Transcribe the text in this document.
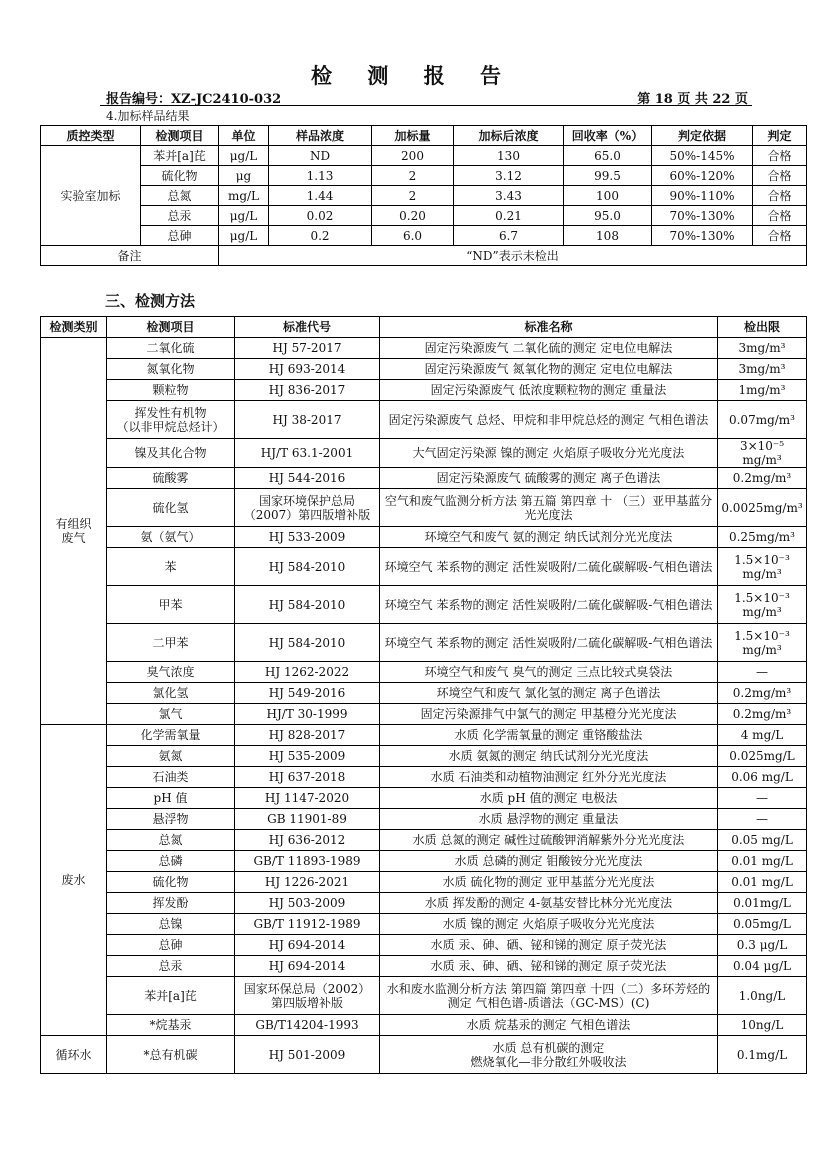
检 测 报 告
报告编号：XZ-JC2410-032	第 18 页 共 22 页
4.加标样品结果
质控类型	检测项目	单位	样品浓度	加标量	加标后浓度	回收率（%）	判定依据	判定
实验室加标	苯并[a]芘	μg/L	ND	200	130	65.0	50%-145%	合格
	硫化物	μg	1.13	2	3.12	99.5	60%-120%	合格
	总氮	mg/L	1.44	2	3.43	100	90%-110%	合格
	总汞	μg/L	0.02	0.20	0.21	95.0	70%-130%	合格
	总砷	μg/L	0.2	6.0	6.7	108	70%-130%	合格
备注		“ND”表示未检出						
三、检测方法
检测类别	检测项目	标准代号	标准名称	检出限
有组织
废气	二氧化硫	HJ 57-2017	固定污染源废气 二氧化硫的测定 定电位电解法	3mg/m³
	氮氧化物	HJ 693-2014	固定污染源废气 氮氧化物的测定 定电位电解法	3mg/m³
	颗粒物	HJ 836-2017	固定污染源废气 低浓度颗粒物的测定 重量法	1mg/m³
	挥发性有机物
（以非甲烷总烃计）	HJ 38-2017	固定污染源废气 总烃、甲烷和非甲烷总烃的测定 气相色谱法	0.07mg/m³
	镍及其化合物	HJ/T 63.1-2001	大气固定污染源 镍的测定 火焰原子吸收分光光度法	3×10⁻⁵ mg/m³
	硫酸雾	HJ 544-2016	固定污染源废气 硫酸雾的测定 离子色谱法	0.2mg/m³
	硫化氢	国家环境保护总局
（2007）第四版增补版	空气和废气监测分析方法 第五篇 第四章 十 （三）亚甲基蓝分光光度法	0.0025mg/m³
	氨（氨气）	HJ 533-2009	环境空气和废气 氨的测定 纳氏试剂分光光度法	0.25mg/m³
	苯	HJ 584-2010	环境空气 苯系物的测定 活性炭吸附/二硫化碳解吸-气相色谱法	1.5×10⁻³
mg/m³
	甲苯	HJ 584-2010	环境空气 苯系物的测定 活性炭吸附/二硫化碳解吸-气相色谱法	1.5×10⁻³
mg/m³
	二甲苯	HJ 584-2010	环境空气 苯系物的测定 活性炭吸附/二硫化碳解吸-气相色谱法	1.5×10⁻³
mg/m³
	臭气浓度	HJ 1262-2022	环境空气和废气 臭气的测定 三点比较式臭袋法	—
	氯化氢	HJ 549-2016	环境空气和废气 氯化氢的测定 离子色谱法	0.2mg/m³
	氯气	HJ/T 30-1999	固定污染源排气中氯气的测定 甲基橙分光光度法	0.2mg/m³
废水	化学需氧量	HJ 828-2017	水质 化学需氧量的测定 重铬酸盐法	4 mg/L
	氨氮	HJ 535-2009	水质 氨氮的测定 纳氏试剂分光光度法	0.025mg/L
	石油类	HJ 637-2018	水质 石油类和动植物油测定 红外分光光度法	0.06 mg/L
	pH 值	HJ 1147-2020	水质 pH 值的测定 电极法	—
	悬浮物	GB 11901-89	水质 悬浮物的测定 重量法	—
	总氮	HJ 636-2012	水质 总氮的测定 碱性过硫酸钾消解紫外分光光度法	0.05 mg/L
	总磷	GB/T 11893-1989	水质 总磷的测定 钼酸铵分光光度法	0.01 mg/L
	硫化物	HJ 1226-2021	水质 硫化物的测定 亚甲基蓝分光光度法	0.01 mg/L
	挥发酚	HJ 503-2009	水质 挥发酚的测定 4-氨基安替比林分光光度法	0.01mg/L
	总镍	GB/T 11912-1989	水质 镍的测定 火焰原子吸收分光光度法	0.05mg/L
	总砷	HJ 694-2014	水质 汞、砷、硒、铋和锑的测定 原子荧光法	0.3 μg/L
	总汞	HJ 694-2014	水质 汞、砷、硒、铋和锑的测定 原子荧光法	0.04 μg/L
	苯并[a]芘	国家环保总局（2002）
第四版增补版	水和废水监测分析方法 第四篇 第四章 十四（二）多环芳烃的测定 气相色谱-质谱法（GC-MS）(C)	1.0ng/L
	*烷基汞	GB/T14204-1993	水质 烷基汞的测定 气相色谱法	10ng/L
循环水	*总有机碳	HJ 501-2009	水质 总有机碳的测定
燃烧氧化—非分散红外吸收法	0.1mg/L
